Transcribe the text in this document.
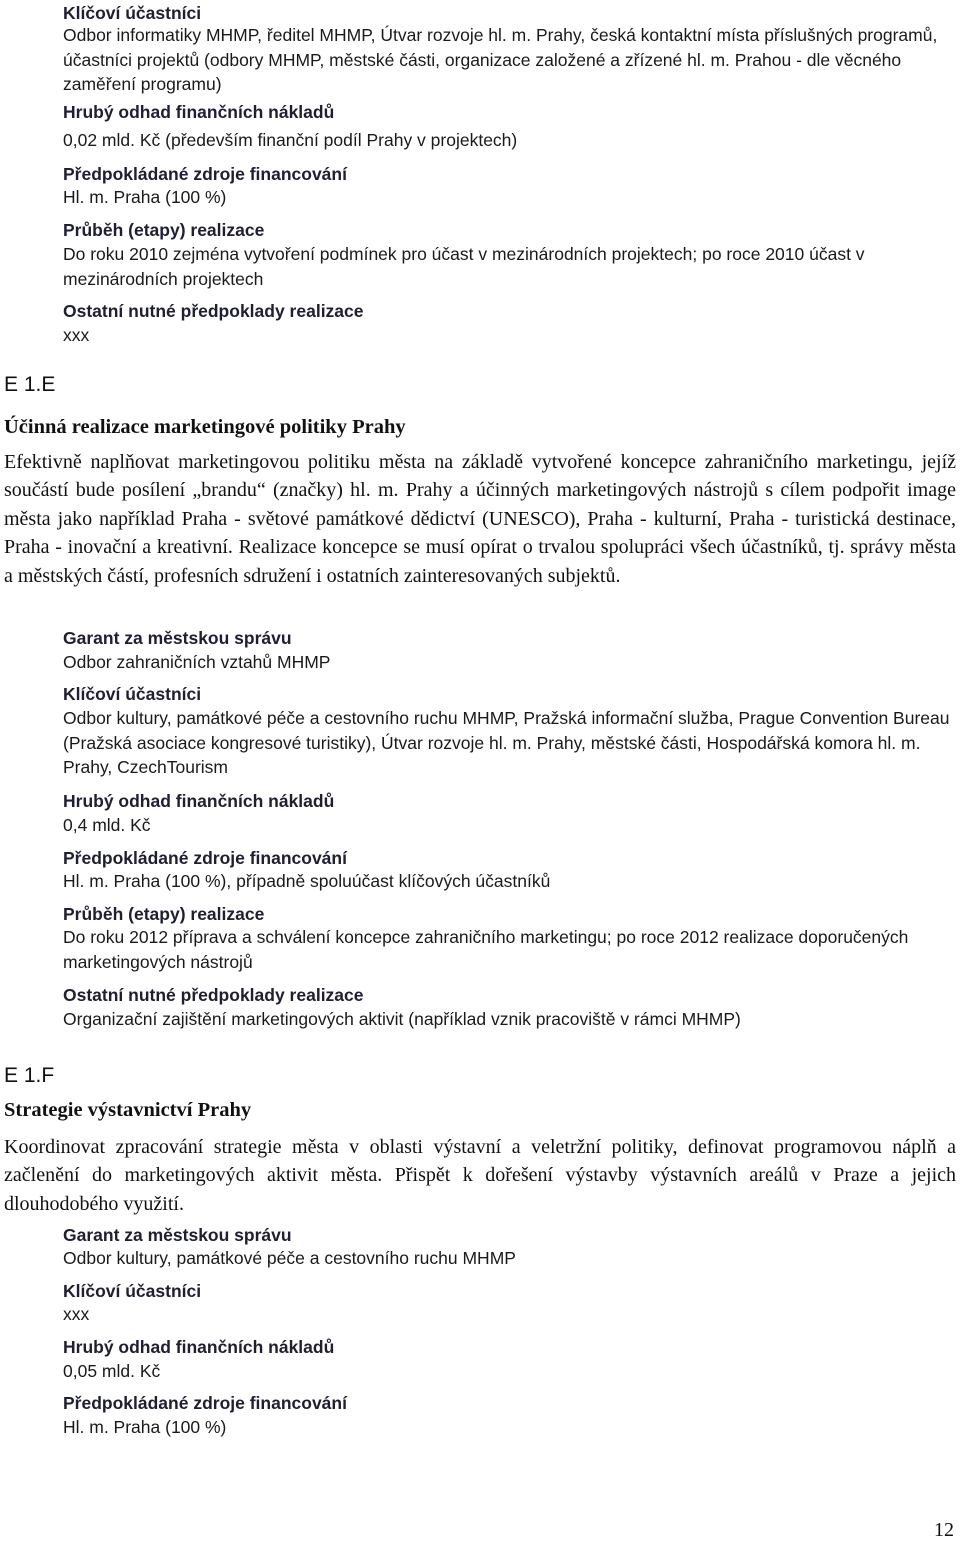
Klíčoví účastníci

Odbor informatiky MHMP, ředitel MHMP, Útvar rozvoje hl. m. Prahy, česká kontaktní místa příslušných programů, účastníci projektů (odbory MHMP, městské části, organizace založené a zřízené hl. m. Prahou - dle věcného zaměření programu)

Hrubý odhad finančních nákladů

0,02 mld. Kč (především finanční podíl Prahy v projektech)

Předpokládané zdroje financování

Hl. m. Praha (100 %)

Průběh (etapy) realizace

Do roku 2010 zejména vytvoření podmínek pro účast v mezinárodních projektech; po roce 2010 účast v mezinárodních projektech

Ostatní nutné předpoklady realizace

xxx

E 1.E

Účinná realizace marketingové politiky Prahy

Efektivně naplňovat marketingovou politiku města na základě vytvořené koncepce zahraničního marketingu, jejíž součástí bude posílení „brandu“ (značky) hl. m. Prahy a účinných marketingových nástrojů s cílem podpořit image města jako například Praha - světové památkové dědictví (UNESCO), Praha - kulturní, Praha - turistická destinace, Praha - inovační a kreativní. Realizace koncepce se musí opírat o trvalou spolupráci všech účastníků, tj. správy města a městských částí, profesních sdružení i ostatních zainteresovaných subjektů.

Garant za městskou správu

Odbor zahraničních vztahů MHMP

Klíčoví účastníci

Odbor kultury, památkové péče a cestovního ruchu MHMP, Pražská informační služba, Prague Convention Bureau (Pražská asociace kongresové turistiky), Útvar rozvoje hl. m. Prahy, městské části, Hospodářská komora hl. m. Prahy, CzechTourism

Hrubý odhad finančních nákladů

0,4 mld. Kč

Předpokládané zdroje financování

Hl. m. Praha (100 %), případně spoluúčast klíčových účastníků

Průběh (etapy) realizace

Do roku 2012 příprava a schválení koncepce zahraničního marketingu; po roce 2012 realizace doporučených marketingových nástrojů

Ostatní nutné předpoklady realizace

Organizační zajištění marketingových aktivit (například vznik pracoviště v rámci MHMP)

E 1.F

Strategie výstavnictví Prahy

Koordinovat zpracování strategie města v oblasti výstavní a veletržní politiky, definovat programovou náplň a začlenění do marketingových aktivit města. Přispět k dořešení výstavby výstavních areálů v Praze a jejich dlouhodobého využití.

Garant za městskou správu

Odbor kultury, památkové péče a cestovního ruchu MHMP

Klíčoví účastníci

xxx

Hrubý odhad finančních nákladů

0,05 mld. Kč

Předpokládané zdroje financování

Hl. m. Praha (100 %)

12
